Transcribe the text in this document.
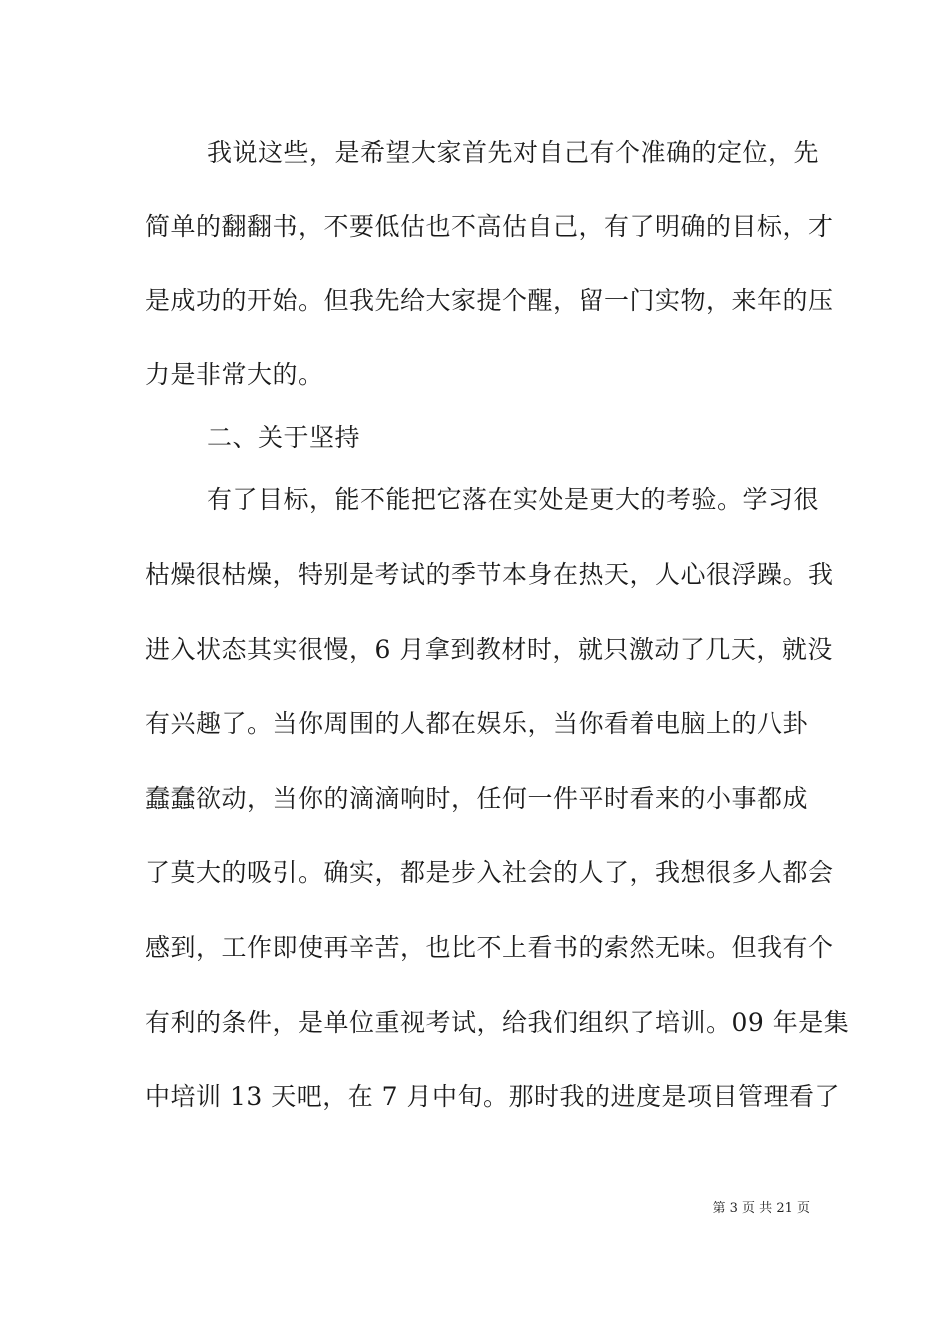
我说这些，是希望大家首先对自己有个准确的定位，先
简单的翻翻书，不要低估也不高估自己，有了明确的目标，才
是成功的开始。但我先给大家提个醒，留一门实物，来年的压
力是非常大的。
二、关于坚持
有了目标，能不能把它落在实处是更大的考验。学习很
枯燥很枯燥，特别是考试的季节本身在热天，人心很浮躁。我
进入状态其实很慢，6 月拿到教材时，就只激动了几天，就没
有兴趣了。当你周围的人都在娱乐，当你看着电脑上的八卦
蠢蠢欲动，当你的滴滴响时，任何一件平时看来的小事都成
了莫大的吸引。确实，都是步入社会的人了，我想很多人都会
感到，工作即使再辛苦，也比不上看书的索然无味。但我有个
有利的条件，是单位重视考试，给我们组织了培训。09 年是集
中培训 13 天吧，在 7 月中旬。那时我的进度是项目管理看了
第 3 页 共 21 页
